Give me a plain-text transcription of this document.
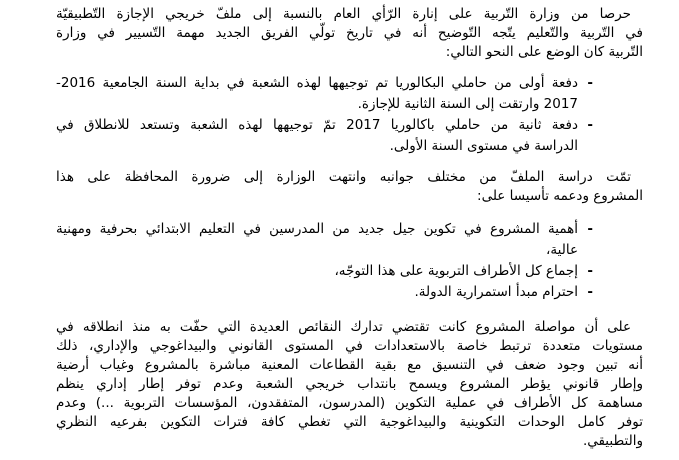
حرصا من وزارة التّربية على إنارة الرّأي العام بالنسبة إلى ملفّ خريجي الإجازة التّطبيقيّة
في التّربية والتّعليم يتّجه التّوضيح أنه في تاريخ تولّي الفريق الجديد مهمة التّسيير في وزارة
التّربية كان الوضع على النحو التالي:
-
دفعة أولى من حاملي البكالوريا تم توجيهها لهذه الشعبة في بداية السنة الجامعية 2016-
2017 وارتقت إلى السنة الثانية للإجازة.
-
دفعة ثانية من حاملي باكالوريا 2017 تمّ توجيهها لهذه الشعبة وتستعد للانطلاق في
الدراسة في مستوى السنة الأولى.
تمّت دراسة الملفّ من مختلف جوانبه وانتهت الوزارة إلى ضرورة المحافظة على هذا
المشروع ودعمه تأسيسا على:
-
أهمية المشروع في تكوين جيل جديد من المدرسين في التعليم الابتدائي بحرفية ومهنية
عالية،
-
إجماع كل الأطراف التربوية على هذا التوجّه،
-
احترام مبدأ استمرارية الدولة.
على أن مواصلة المشروع كانت تقتضي تدارك النقائص العديدة التي حفّت به منذ انطلاقه في
مستويات متعددة ترتبط خاصة بالاستعدادات في المستوى القانوني والبيداغوجي والإداري، ذلك
أنه تبين وجود ضعف في التنسيق مع بقية القطاعات المعنية مباشرة بالمشروع وغياب أرضية
وإطار قانوني يؤطر المشروع ويسمح بانتداب خريجي الشعبة وعدم توفر إطار إداري ينظم
مساهمة كل الأطراف في عملية التكوين (المدرسون، المتفقدون، المؤسسات التربوية ...) وعدم
توفر كامل الوحدات التكوينية والبيداغوجية التي تغطي كافة فترات التكوين بفرعيه النظري
والتطبيقي.
